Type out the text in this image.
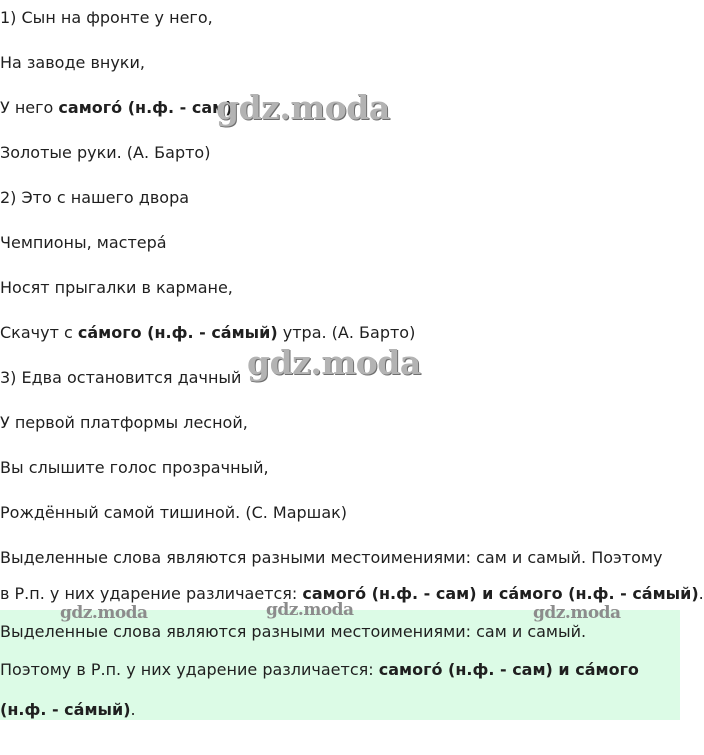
1) Сын на фронте у него,

На заводе внуки,

У него самого́ (н.ф. - сам)

gdz.moda

Золотые руки. (А. Барто)

2) Это с нашего двора

Чемпионы, мастера́

Носят прыгалки в кармане,

Скачут с са́мого (н.ф. - са́мый) утра. (А. Барто)

3) Едва остановится дачный gdz.moda

У первой платформы лесной,

Вы слышите голос прозрачный,

Рождённый самой тишиной. (С. Маршак)

Выделенные слова являются разными местоимениями: сам и самый. Поэтому

в Р.п. у них ударение различается: самого́ (н.ф. - сам) и са́мого (н.ф. - са́мый).

gdz.moda	gdz.moda	gdz.moda

Выделенные слова являются разными местоимениями: сам и самый.

Поэтому в Р.п. у них ударение различается: самого́ (н.ф. - сам) и са́мого

(н.ф. - са́мый).
